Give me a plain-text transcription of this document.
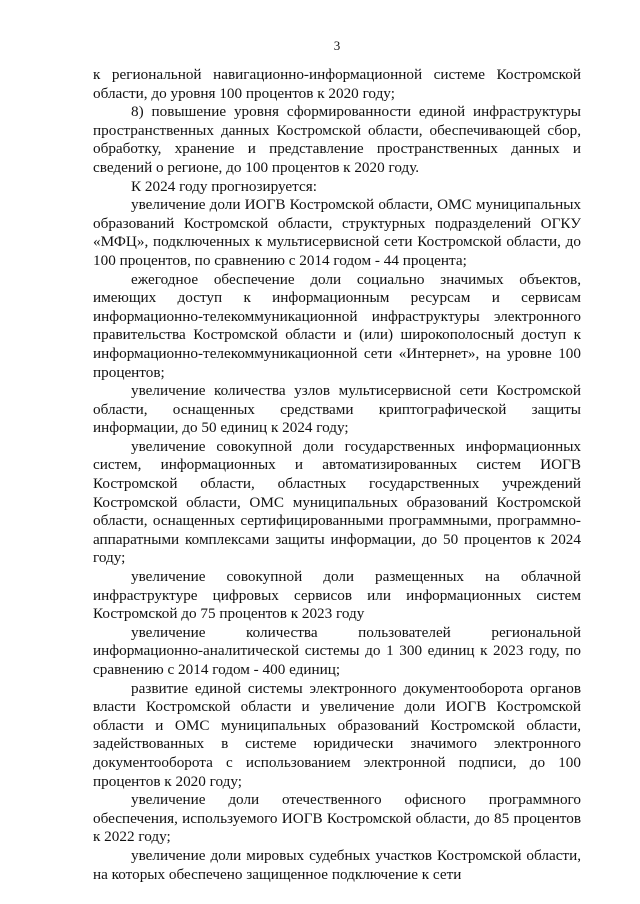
3

к региональной навигационно-информационной системе Костромской области, до уровня 100 процентов к 2020 году;

8) повышение уровня сформированности единой инфраструктуры пространственных данных Костромской области, обеспечивающей сбор, обработку, хранение и представление пространственных данных и сведений о регионе, до 100 процентов к 2020 году.

К 2024 году прогнозируется:

увеличение доли ИОГВ Костромской области, ОМС муниципальных образований Костромской области, структурных подразделений ОГКУ «МФЦ», подключенных к мультисервисной сети Костромской области, до 100 процентов, по сравнению с 2014 годом - 44 процента;

ежегодное обеспечение доли социально значимых объектов, имеющих доступ к информационным ресурсам и сервисам информационно-телекоммуникационной инфраструктуры электронного правительства Костромской области и (или) широкополосный доступ к информационно-телекоммуникационной сети «Интернет», на уровне 100 процентов;

увеличение количества узлов мультисервисной сети Костромской области, оснащенных средствами криптографической защиты информации, до 50 единиц к 2024 году;

увеличение совокупной доли государственных информационных систем, информационных и автоматизированных систем ИОГВ Костромской области, областных государственных учреждений Костромской области, ОМС муниципальных образований Костромской области, оснащенных сертифицированными программными, программно-аппаратными комплексами защиты информации, до 50 процентов к 2024 году;

увеличение совокупной доли размещенных на облачной инфраструктуре цифровых сервисов или информационных систем Костромской до 75 процентов к 2023 году

увеличение количества пользователей региональной информационно-аналитической системы до 1 300 единиц к 2023 году, по сравнению с 2014 годом - 400 единиц;

развитие единой системы электронного документооборота органов власти Костромской области и увеличение доли ИОГВ Костромской области и ОМС муниципальных образований Костромской области, задействованных в системе юридически значимого электронного документооборота с использованием электронной подписи, до 100 процентов к 2020 году;

увеличение доли отечественного офисного программного обеспечения, используемого ИОГВ Костромской области, до 85 процентов к 2022 году;

увеличение доли мировых судебных участков Костромской области, на которых обеспечено защищенное подключение к сети
